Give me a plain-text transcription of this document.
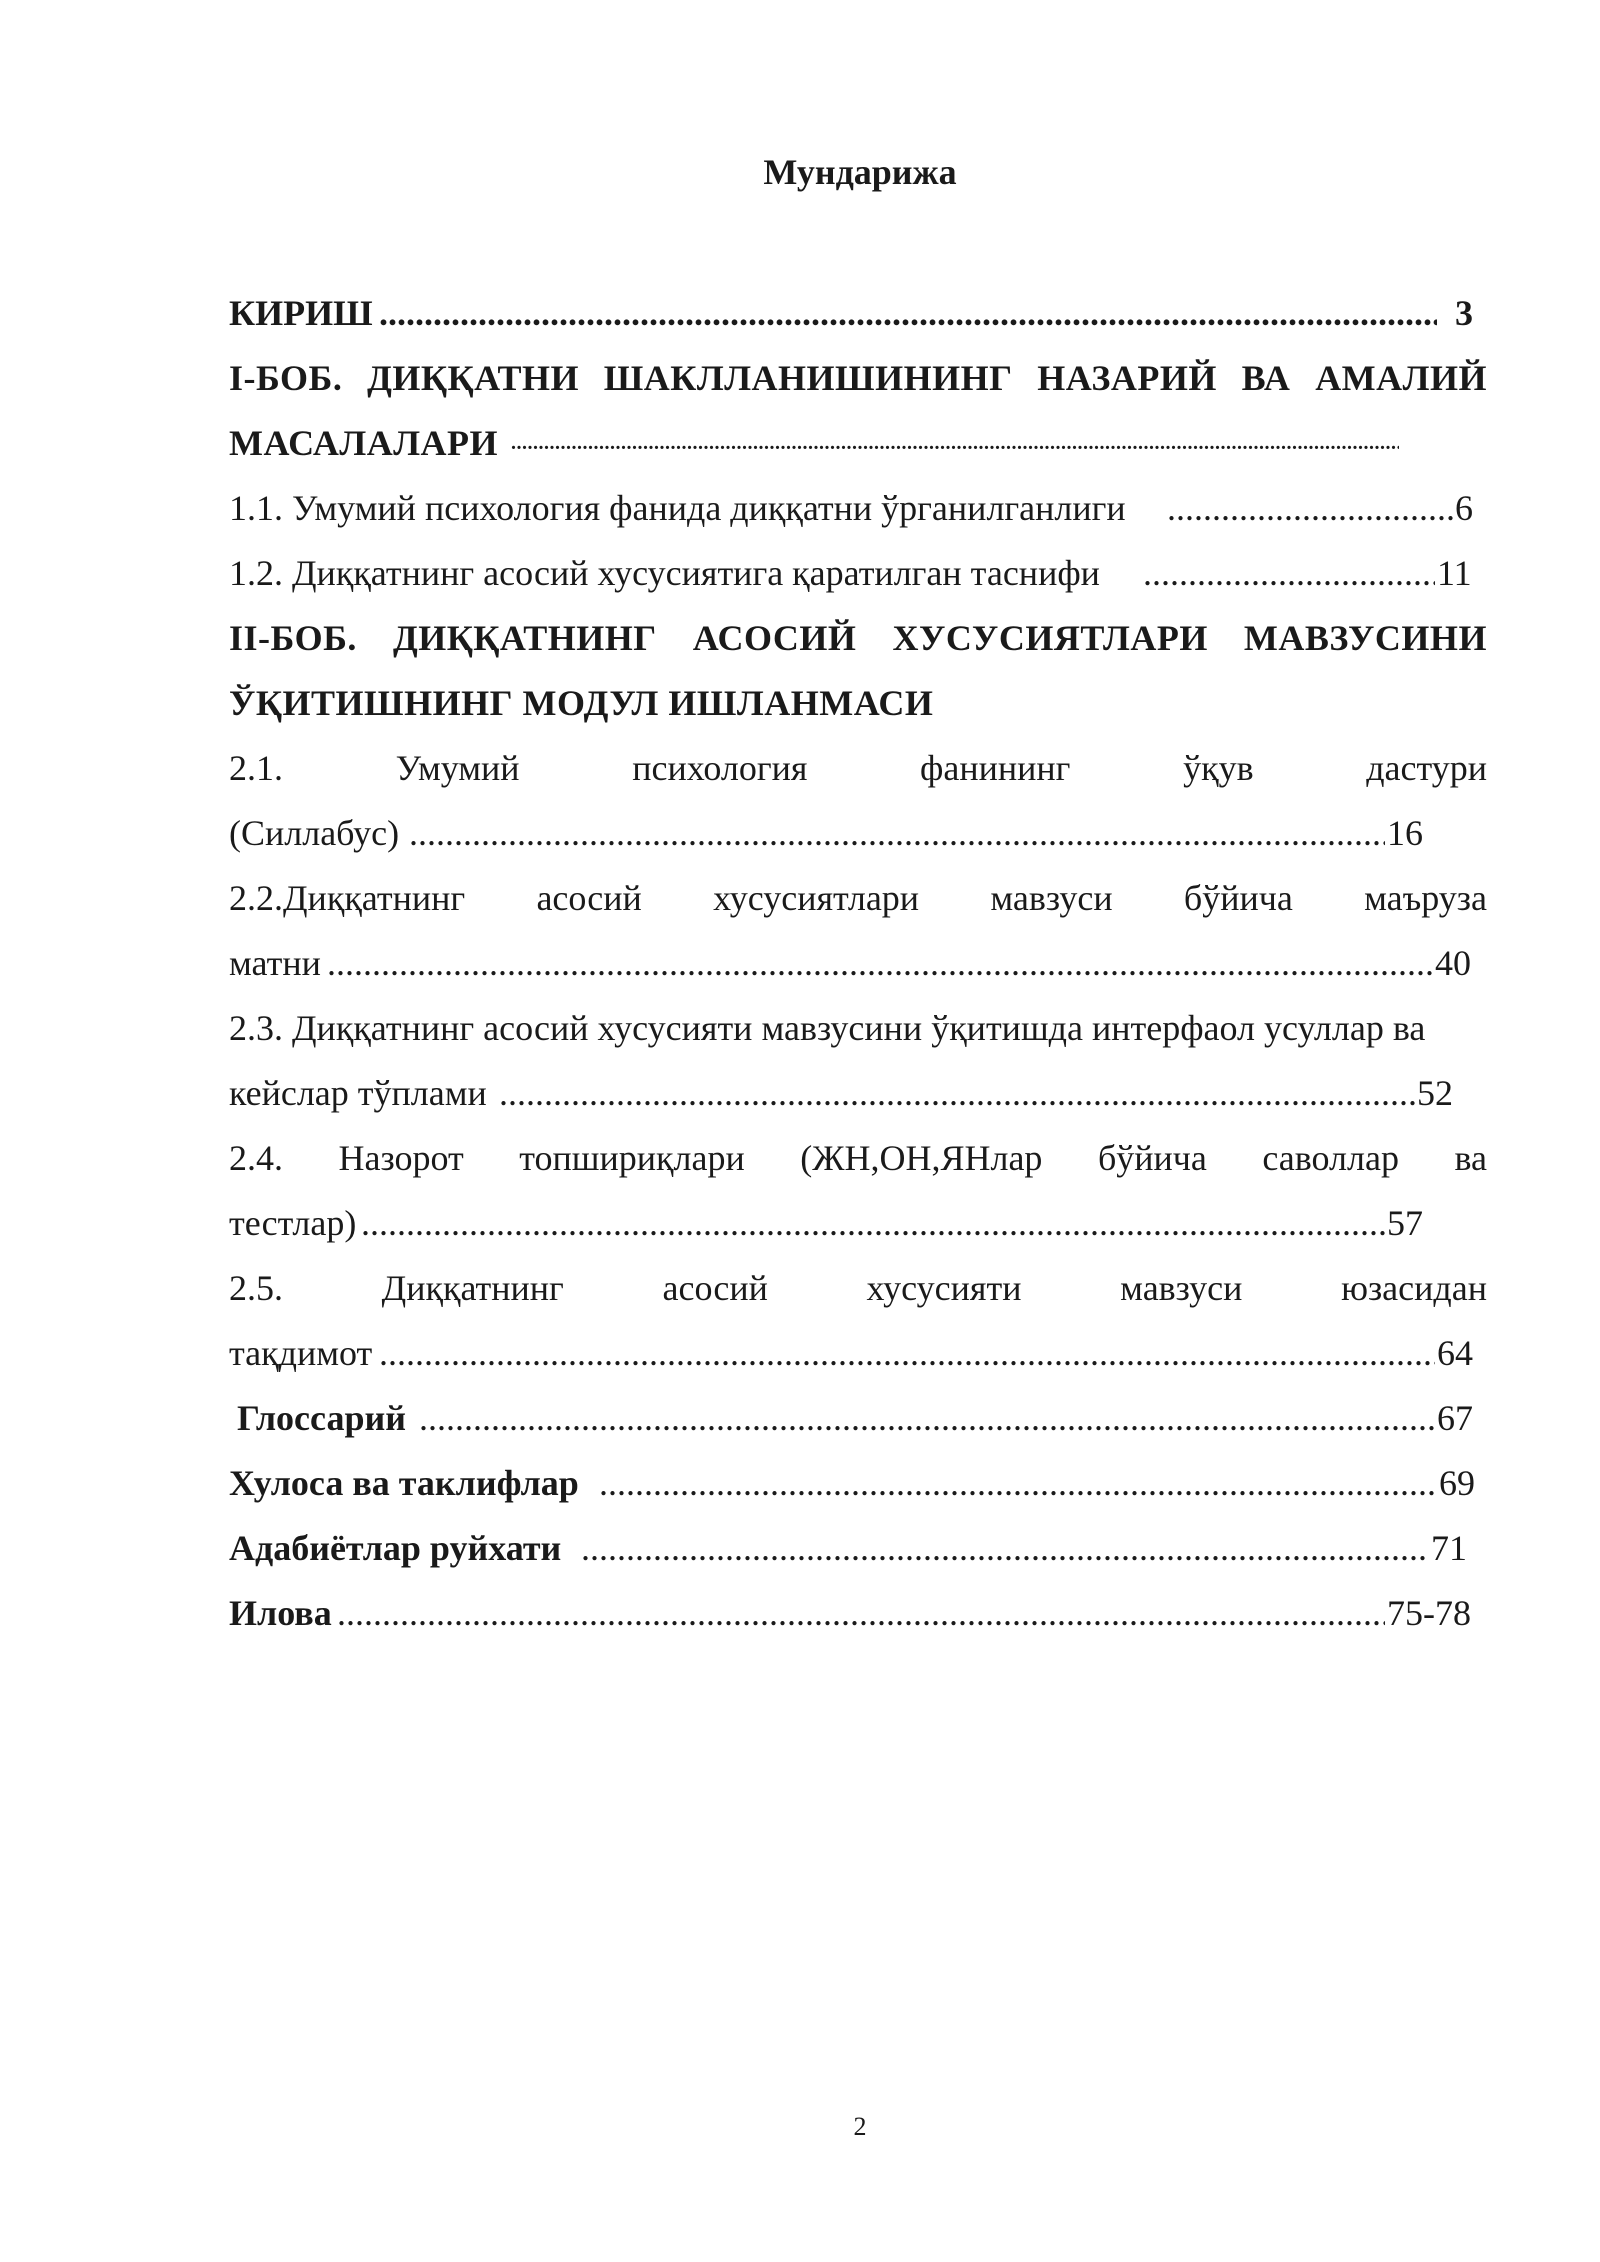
Мундарижа
КИРИШ .....	3
I-БОБ. ДИҚҚАТНИ ШАКЛЛАНИШИНИНГ НАЗАРИЙ ВА АМАЛИЙ
МАСАЛАЛАРИ
.....
1.1. Умумий психология фанида диққатни ўрганилганлиги .....	6
1.2. Диққатнинг асосий хусусиятига қаратилган таснифи .....	11
II-БОБ. ДИҚҚАТНИНГ АСОСИЙ ХУСУСИЯТЛАРИ МАВЗУСИНИ
ЎҚИТИШНИНГ МОДУЛ ИШЛАНМАСИ
2.1.	Умумий	психология	фанининг	ўқув	дастури
(Силлабус) .....	16
2.2.Диққатнинг асосий хусусиятлари мавзуси бўйича маъруза
матни .....	40
2.3. Диққатнинг асосий хусусияти мавзусини ўқитишда интерфаол усуллар ва
кейслар тўплами .....	52
2.4. Назорот топшириқлари (ЖН,ОН,ЯНлар бўйича саволлар ва
тестлар) .....	57
2.5.	Диққатнинг	асосий	хусусияти	мавзуси	юзасидан
тақдимот .....	64
Глоссарий .....	67
Хулоса ва таклифлар .....	69
Адабиётлар руйхати .....	71
Илова .....	75-78
2
